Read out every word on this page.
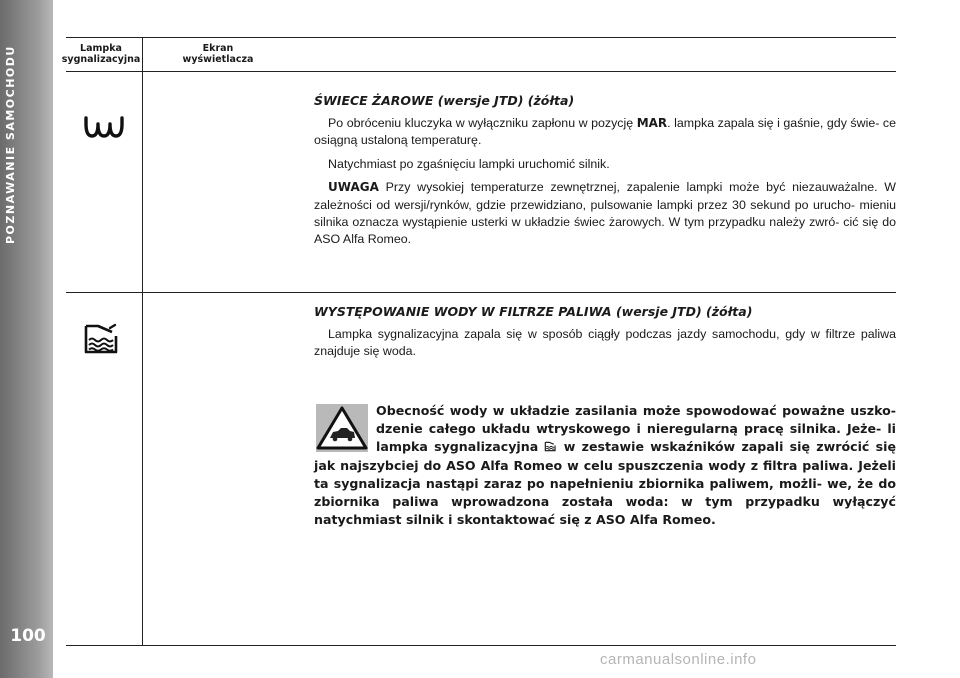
POZNAWANIE SAMOCHODU
100
Lampka
sygnalizacyjna
Ekran
wyświetlacza
ŚWIECE ŻAROWE (wersje JTD) (żółta)

Po obróceniu kluczyka w wyłączniku zapłonu w pozycję MAR. lampka zapala się i gaśnie, gdy świe- ce osiągną ustaloną temperaturę.

Natychmiast po zgaśnięciu lampki uruchomić silnik.

UWAGA Przy wysokiej temperaturze zewnętrznej, zapalenie lampki może być niezauważalne. W zależności od wersji/rynków, gdzie przewidziano, pulsowanie lampki przez 30 sekund po urucho- mieniu silnika oznacza wystąpienie usterki w układzie świec żarowych. W tym przypadku należy zwró- cić się do ASO Alfa Romeo.

WYSTĘPOWANIE WODY W FILTRZE PALIWA (wersje JTD) (żółta)

Lampka sygnalizacyjna zapala się w sposób ciągły podczas jazdy samochodu, gdy w filtrze paliwa znajduje się woda.

Obecność wody w układzie zasilania może spowodować poważne uszko- dzenie całego układu wtryskowego i nieregularną pracę silnika. Jeże- li lampka sygnalizacyjna  w zestawie wskaźników zapali się zwrócić się jak najszybciej do ASO Alfa Romeo w celu spuszczenia wody z filtra paliwa. Jeżeli ta sygnalizacja nastąpi zaraz po napełnieniu zbiornika paliwem, możli- we, że do zbiornika paliwa wprowadzona została woda: w tym przypadku wyłączyć natychmiast silnik i skontaktować się z ASO Alfa Romeo.
carmanualsonline.info
